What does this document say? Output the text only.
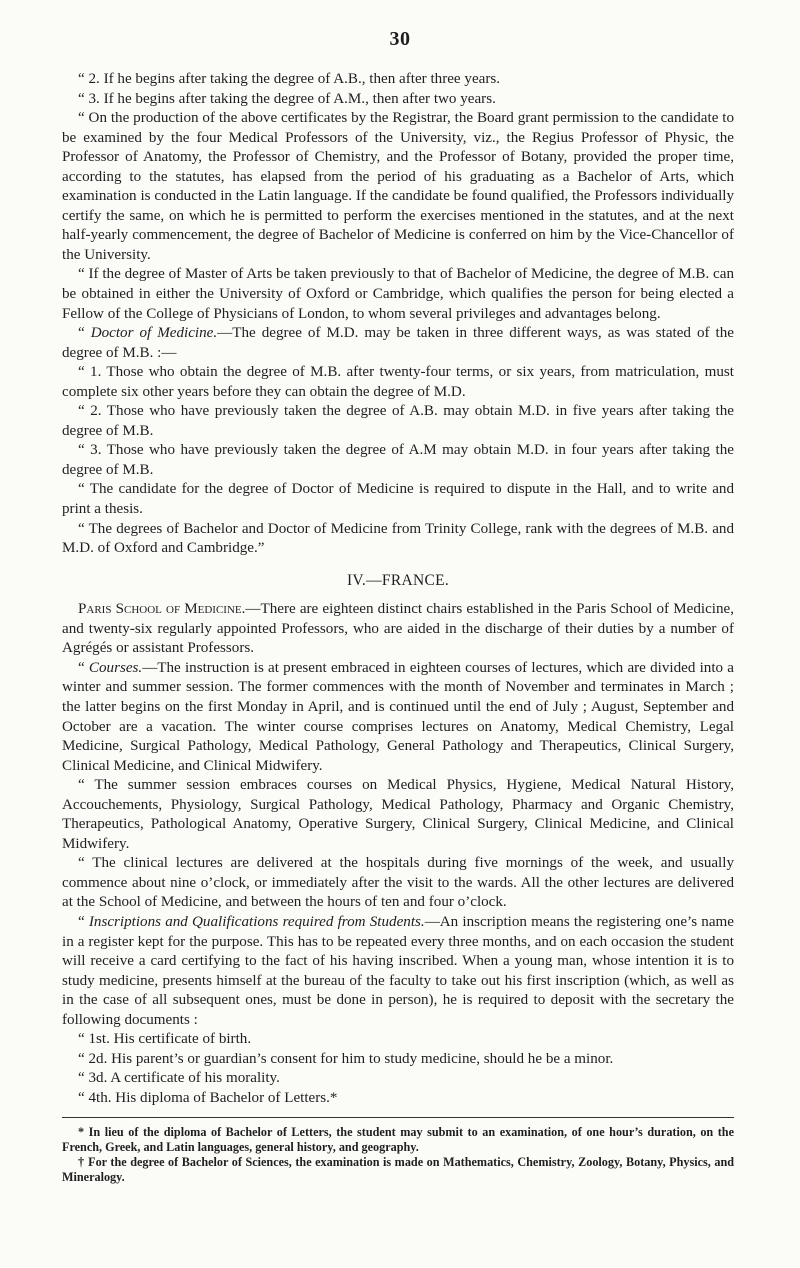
30

“ 2. If he begins after taking the degree of A.B., then after three years.

“ 3. If he begins after taking the degree of A.M., then after two years.

“ On the production of the above certificates by the Registrar, the Board grant permission to the candidate to be examined by the four Medical Professors of the University, viz., the Regius Professor of Physic, the Professor of Anatomy, the Professor of Chemistry, and the Professor of Botany, provided the proper time, according to the statutes, has elapsed from the period of his graduating as a Bachelor of Arts, which examination is conducted in the Latin language. If the candidate be found qualified, the Professors individually certify the same, on which he is permitted to perform the exercises mentioned in the statutes, and at the next half-yearly commencement, the degree of Bachelor of Medicine is conferred on him by the Vice-Chancellor of the University.

“ If the degree of Master of Arts be taken previously to that of Bachelor of Medicine, the degree of M.B. can be obtained in either the University of Oxford or Cambridge, which qualifies the person for being elected a Fellow of the College of Physicians of London, to whom several privileges and advantages belong.

“ Doctor of Medicine.—The degree of M.D. may be taken in three different ways, as was stated of the degree of M.B. :—

“ 1. Those who obtain the degree of M.B. after twenty-four terms, or six years, from matriculation, must complete six other years before they can obtain the degree of M.D.

“ 2. Those who have previously taken the degree of A.B. may obtain M.D. in five years after taking the degree of M.B.

“ 3. Those who have previously taken the degree of A.M may obtain M.D. in four years after taking the degree of M.B.

“ The candidate for the degree of Doctor of Medicine is required to dispute in the Hall, and to write and print a thesis.

“ The degrees of Bachelor and Doctor of Medicine from Trinity College, rank with the degrees of M.B. and M.D. of Oxford and Cambridge.”

IV.—FRANCE.

Paris School of Medicine.—There are eighteen distinct chairs established in the Paris School of Medicine, and twenty-six regularly appointed Professors, who are aided in the discharge of their duties by a number of Agrégés or assistant Professors.

“ Courses.—The instruction is at present embraced in eighteen courses of lectures, which are divided into a winter and summer session. The former commences with the month of November and terminates in March ; the latter begins on the first Monday in April, and is continued until the end of July ; August, September and October are a vacation. The winter course comprises lectures on Anatomy, Medical Chemistry, Legal Medicine, Surgical Pathology, Medical Pathology, General Pathology and Therapeutics, Clinical Surgery, Clinical Medicine, and Clinical Midwifery.

“ The summer session embraces courses on Medical Physics, Hygiene, Medical Natural History, Accouchements, Physiology, Surgical Pathology, Medical Pathology, Pharmacy and Organic Chemistry, Therapeutics, Pathological Anatomy, Operative Surgery, Clinical Surgery, Clinical Medicine, and Clinical Midwifery.

“ The clinical lectures are delivered at the hospitals during five mornings of the week, and usually commence about nine o’clock, or immediately after the visit to the wards. All the other lectures are delivered at the School of Medicine, and between the hours of ten and four o’clock.

“ Inscriptions and Qualifications required from Students.—An inscription means the registering one’s name in a register kept for the purpose. This has to be repeated every three months, and on each occasion the student will receive a card certifying to the fact of his having inscribed. When a young man, whose intention it is to study medicine, presents himself at the bureau of the faculty to take out his first inscription (which, as well as in the case of all subsequent ones, must be done in person), he is required to deposit with the secretary the following documents :

“ 1st. His certificate of birth.

“ 2d. His parent’s or guardian’s consent for him to study medicine, should he be a minor.

“ 3d. A certificate of his morality.

“ 4th. His diploma of Bachelor of Letters.*

* In lieu of the diploma of Bachelor of Letters, the student may submit to an examination, of one hour’s duration, on the French, Greek, and Latin languages, general history, and geography.

† For the degree of Bachelor of Sciences, the examination is made on Mathematics, Chemistry, Zoology, Botany, Physics, and Mineralogy.
